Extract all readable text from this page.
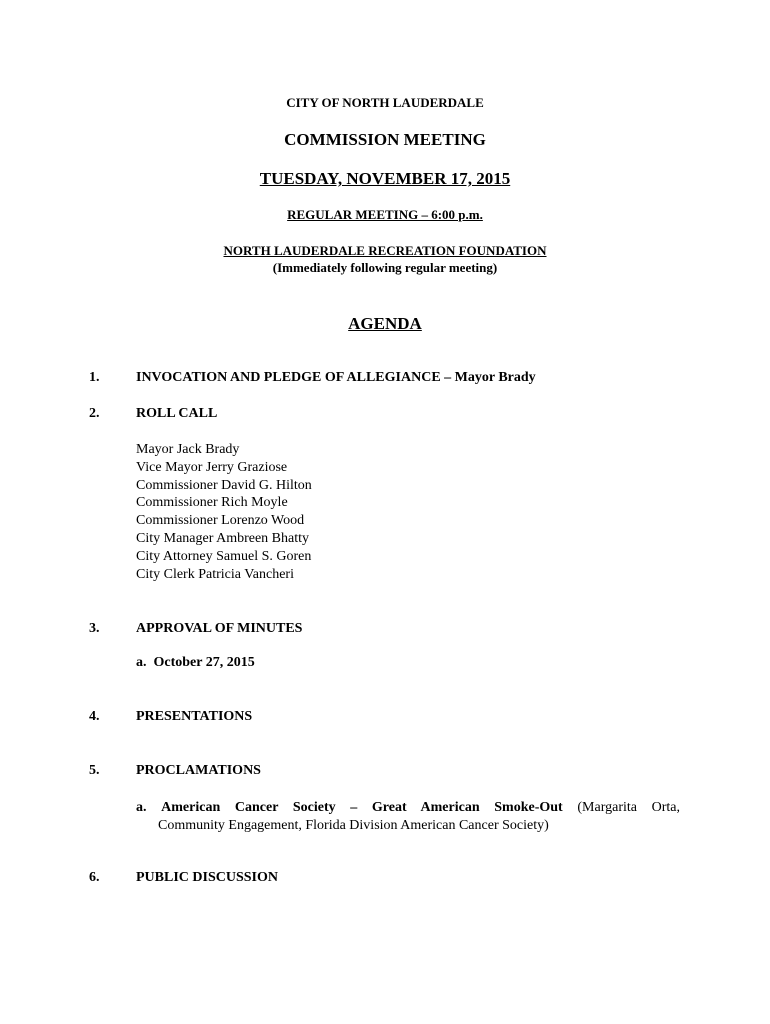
CITY OF NORTH LAUDERDALE
COMMISSION MEETING
TUESDAY, NOVEMBER 17, 2015
REGULAR MEETING – 6:00 p.m.
NORTH LAUDERDALE RECREATION FOUNDATION
(Immediately following regular meeting)
AGENDA
1.	INVOCATION AND PLEDGE OF ALLEGIANCE – Mayor Brady
2.	ROLL CALL
Mayor Jack Brady
Vice Mayor Jerry Graziose
Commissioner David G. Hilton
Commissioner Rich Moyle
Commissioner Lorenzo Wood
City Manager Ambreen Bhatty
City Attorney Samuel S. Goren
City Clerk Patricia Vancheri
3.	APPROVAL OF MINUTES
a. October 27, 2015
4.	PRESENTATIONS
5.	PROCLAMATIONS
a. American Cancer Society – Great American Smoke-Out (Margarita Orta,
Community Engagement, Florida Division American Cancer Society)
6.	PUBLIC DISCUSSION
